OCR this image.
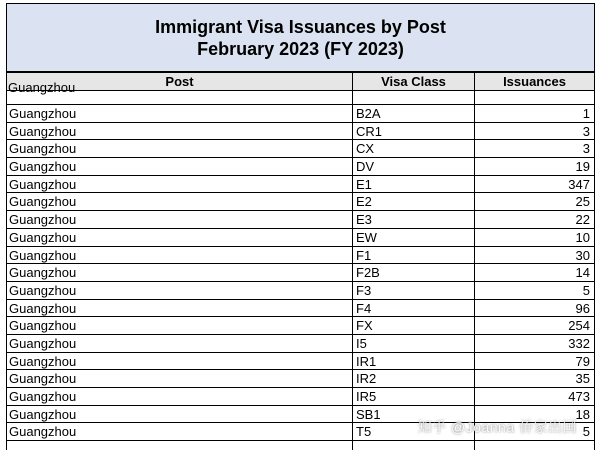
Immigrant Visa Issuances by Post
February 2023 (FY 2023)
Post	Visa Class	Issuances
Guangzhou
Guangzhou	B2A	1
Guangzhou	CR1	3
Guangzhou	CX	3
Guangzhou	DV	19
Guangzhou	E1	347
Guangzhou	E2	25
Guangzhou	E3	22
Guangzhou	EW	10
Guangzhou	F1	30
Guangzhou	F2B	14
Guangzhou	F3	5
Guangzhou	F4	96
Guangzhou	FX	254
Guangzhou	I5	332
Guangzhou	IR1	79
Guangzhou	IR2	35
Guangzhou	IR5	473
Guangzhou	SB1	18
Guangzhou	T5	5
知乎 @Joanna 侨家出国
